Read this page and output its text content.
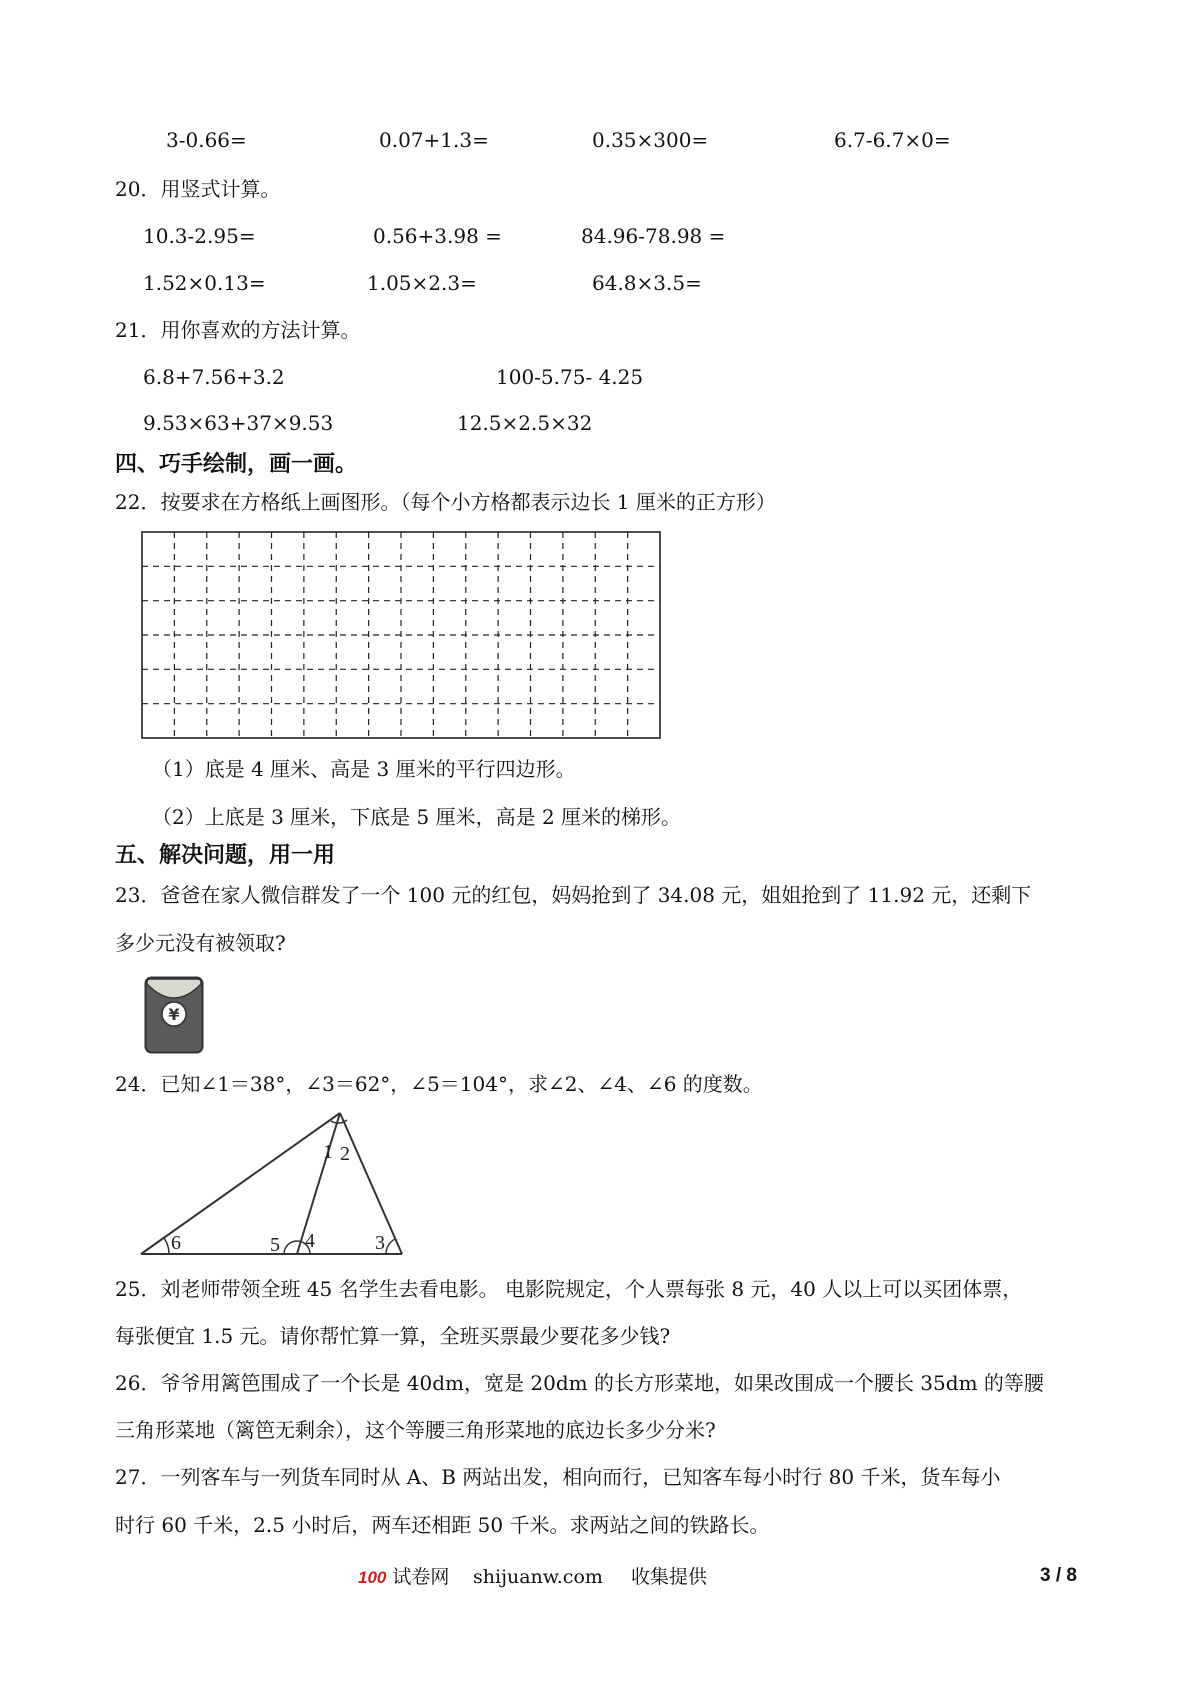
3-0.66=	0.07+1.3=	0.35×300=	6.7-6.7×0=
20．用竖式计算。
10.3-2.95=	0.56+3.98 =	84.96-78.98 =
1.52×0.13=	1.05×2.3=	64.8×3.5=
21．用你喜欢的方法计算。
6.8+7.56+3.2	100-5.75- 4.25
9.53×63+37×9.53	12.5×2.5×32
四、巧手绘制，画一画。
22．按要求在方格纸上画图形。（每个小方格都表示边长 1 厘米的正方形）
（1）底是 4 厘米、高是 3 厘米的平行四边形。
（2）上底是 3 厘米，下底是 5 厘米，高是 2 厘米的梯形。
五、解决问题，用一用
23．爸爸在家人微信群发了一个 100 元的红包，妈妈抢到了 34.08 元，姐姐抢到了 11.92 元，还剩下
多少元没有被领取?
¥
24．已知∠1＝38°，∠3＝62°，∠5＝104°，求∠2、∠4、∠6 的度数。
1 2
6	5 4	3
25．刘老师带领全班 45 名学生去看电影。 电影院规定，个人票每张 8 元，40 人以上可以买团体票，
每张便宜 1.5 元。请你帮忙算一算，全班买票最少要花多少钱?
26．爷爷用篱笆围成了一个长是 40dm，宽是 20dm 的长方形菜地，如果改围成一个腰长 35dm 的等腰
三角形菜地（篱笆无剩余），这个等腰三角形菜地的底边长多少分米?
27．一列客车与一列货车同时从 A、B 两站出发，相向而行，已知客车每小时行 80 千米，货车每小
时行 60 千米，2.5 小时后，两车还相距 50 千米。求两站之间的铁路长。
100 试卷网 shijuanw.com 收集提供	3 / 8
